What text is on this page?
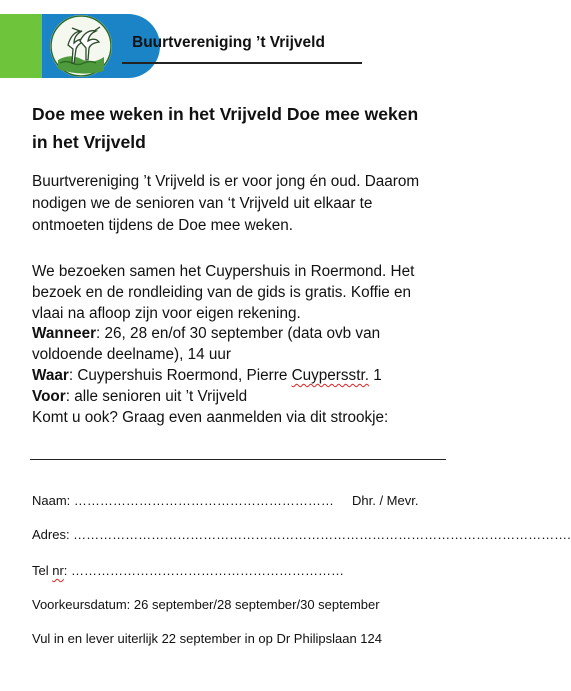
Buurtvereniging ’t Vrijveld
Doe mee weken in het Vrijveld Doe mee weken in het Vrijveld
Buurtvereniging ’t Vrijveld is er voor jong én oud. Daarom nodigen we de senioren van ‘t Vrijveld uit elkaar te ontmoeten tijdens de Doe mee weken.
We bezoeken samen het Cuypershuis in Roermond. Het bezoek en de rondleiding van de gids is gratis. Koffie en vlaai na afloop zijn voor eigen rekening.
Wanneer: 26, 28 en/of 30 september (data ovb van voldoende deelname), 14 uur
Waar: Cuypershuis Roermond, Pierre Cuypersstr. 1
Voor: alle senioren uit ’t Vrijveld
Komt u ook? Graag even aanmelden via dit strookje:
Naam: …………………………………………………… Dhr. / Mevr.
Adres: …………………………………………………………………………………………………….
Tel nr: ………………………………………………………
Voorkeursdatum: 26 september/28 september/30 september
Vul in en lever uiterlijk 22 september in op Dr Philipslaan 124
